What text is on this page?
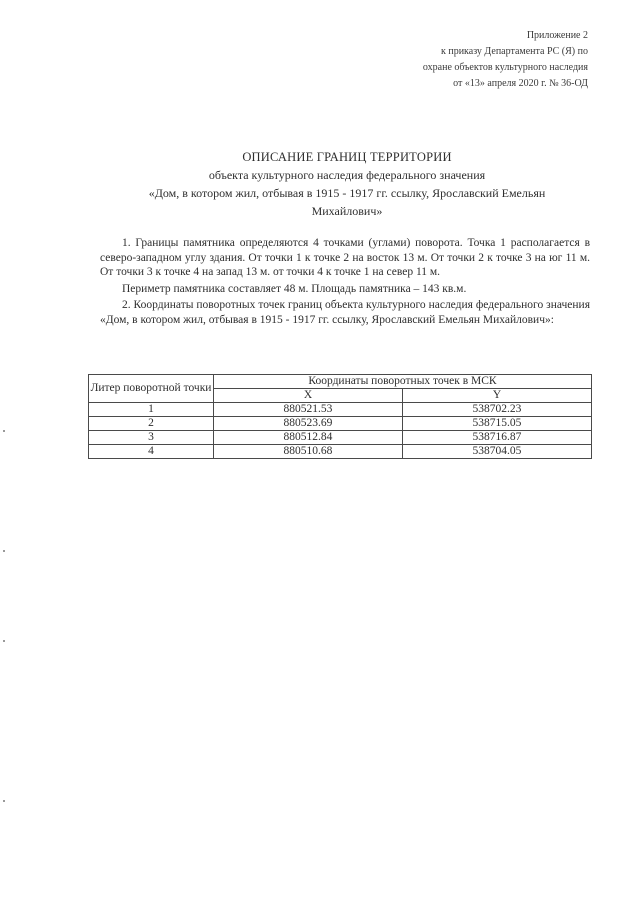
Приложение 2
к приказу Департамента РС (Я) по
охране объектов культурного наследия
от «13» апреля 2020 г. № 36-ОД
ОПИСАНИЕ ГРАНИЦ ТЕРРИТОРИИ
объекта культурного наследия федерального значения
«Дом, в котором жил, отбывая в 1915 - 1917 гг. ссылку, Ярославский Емельян
Михайлович»

1. Границы памятника определяются 4 точками (углами) поворота. Точка 1 располагается в северо-западном углу здания. От точки 1 к точке 2 на восток 13 м. От точки 2 к точке 3 на юг 11 м. От точки 3 к точке 4 на запад 13 м. от точки 4 к точке 1 на север 11 м.

Периметр памятника составляет 48 м. Площадь памятника – 143 кв.м.

2. Координаты поворотных точек границ объекта культурного наследия федерального значения «Дом, в котором жил, отбывая в 1915 - 1917 гг. ссылку, Ярославский Емельян Михайлович»:

Литер поворотной точки	Координаты поворотных точек в МСК	
	X	Y
1	880521.53	538702.23
2	880523.69	538715.05
3	880512.84	538716.87
4	880510.68	538704.05
